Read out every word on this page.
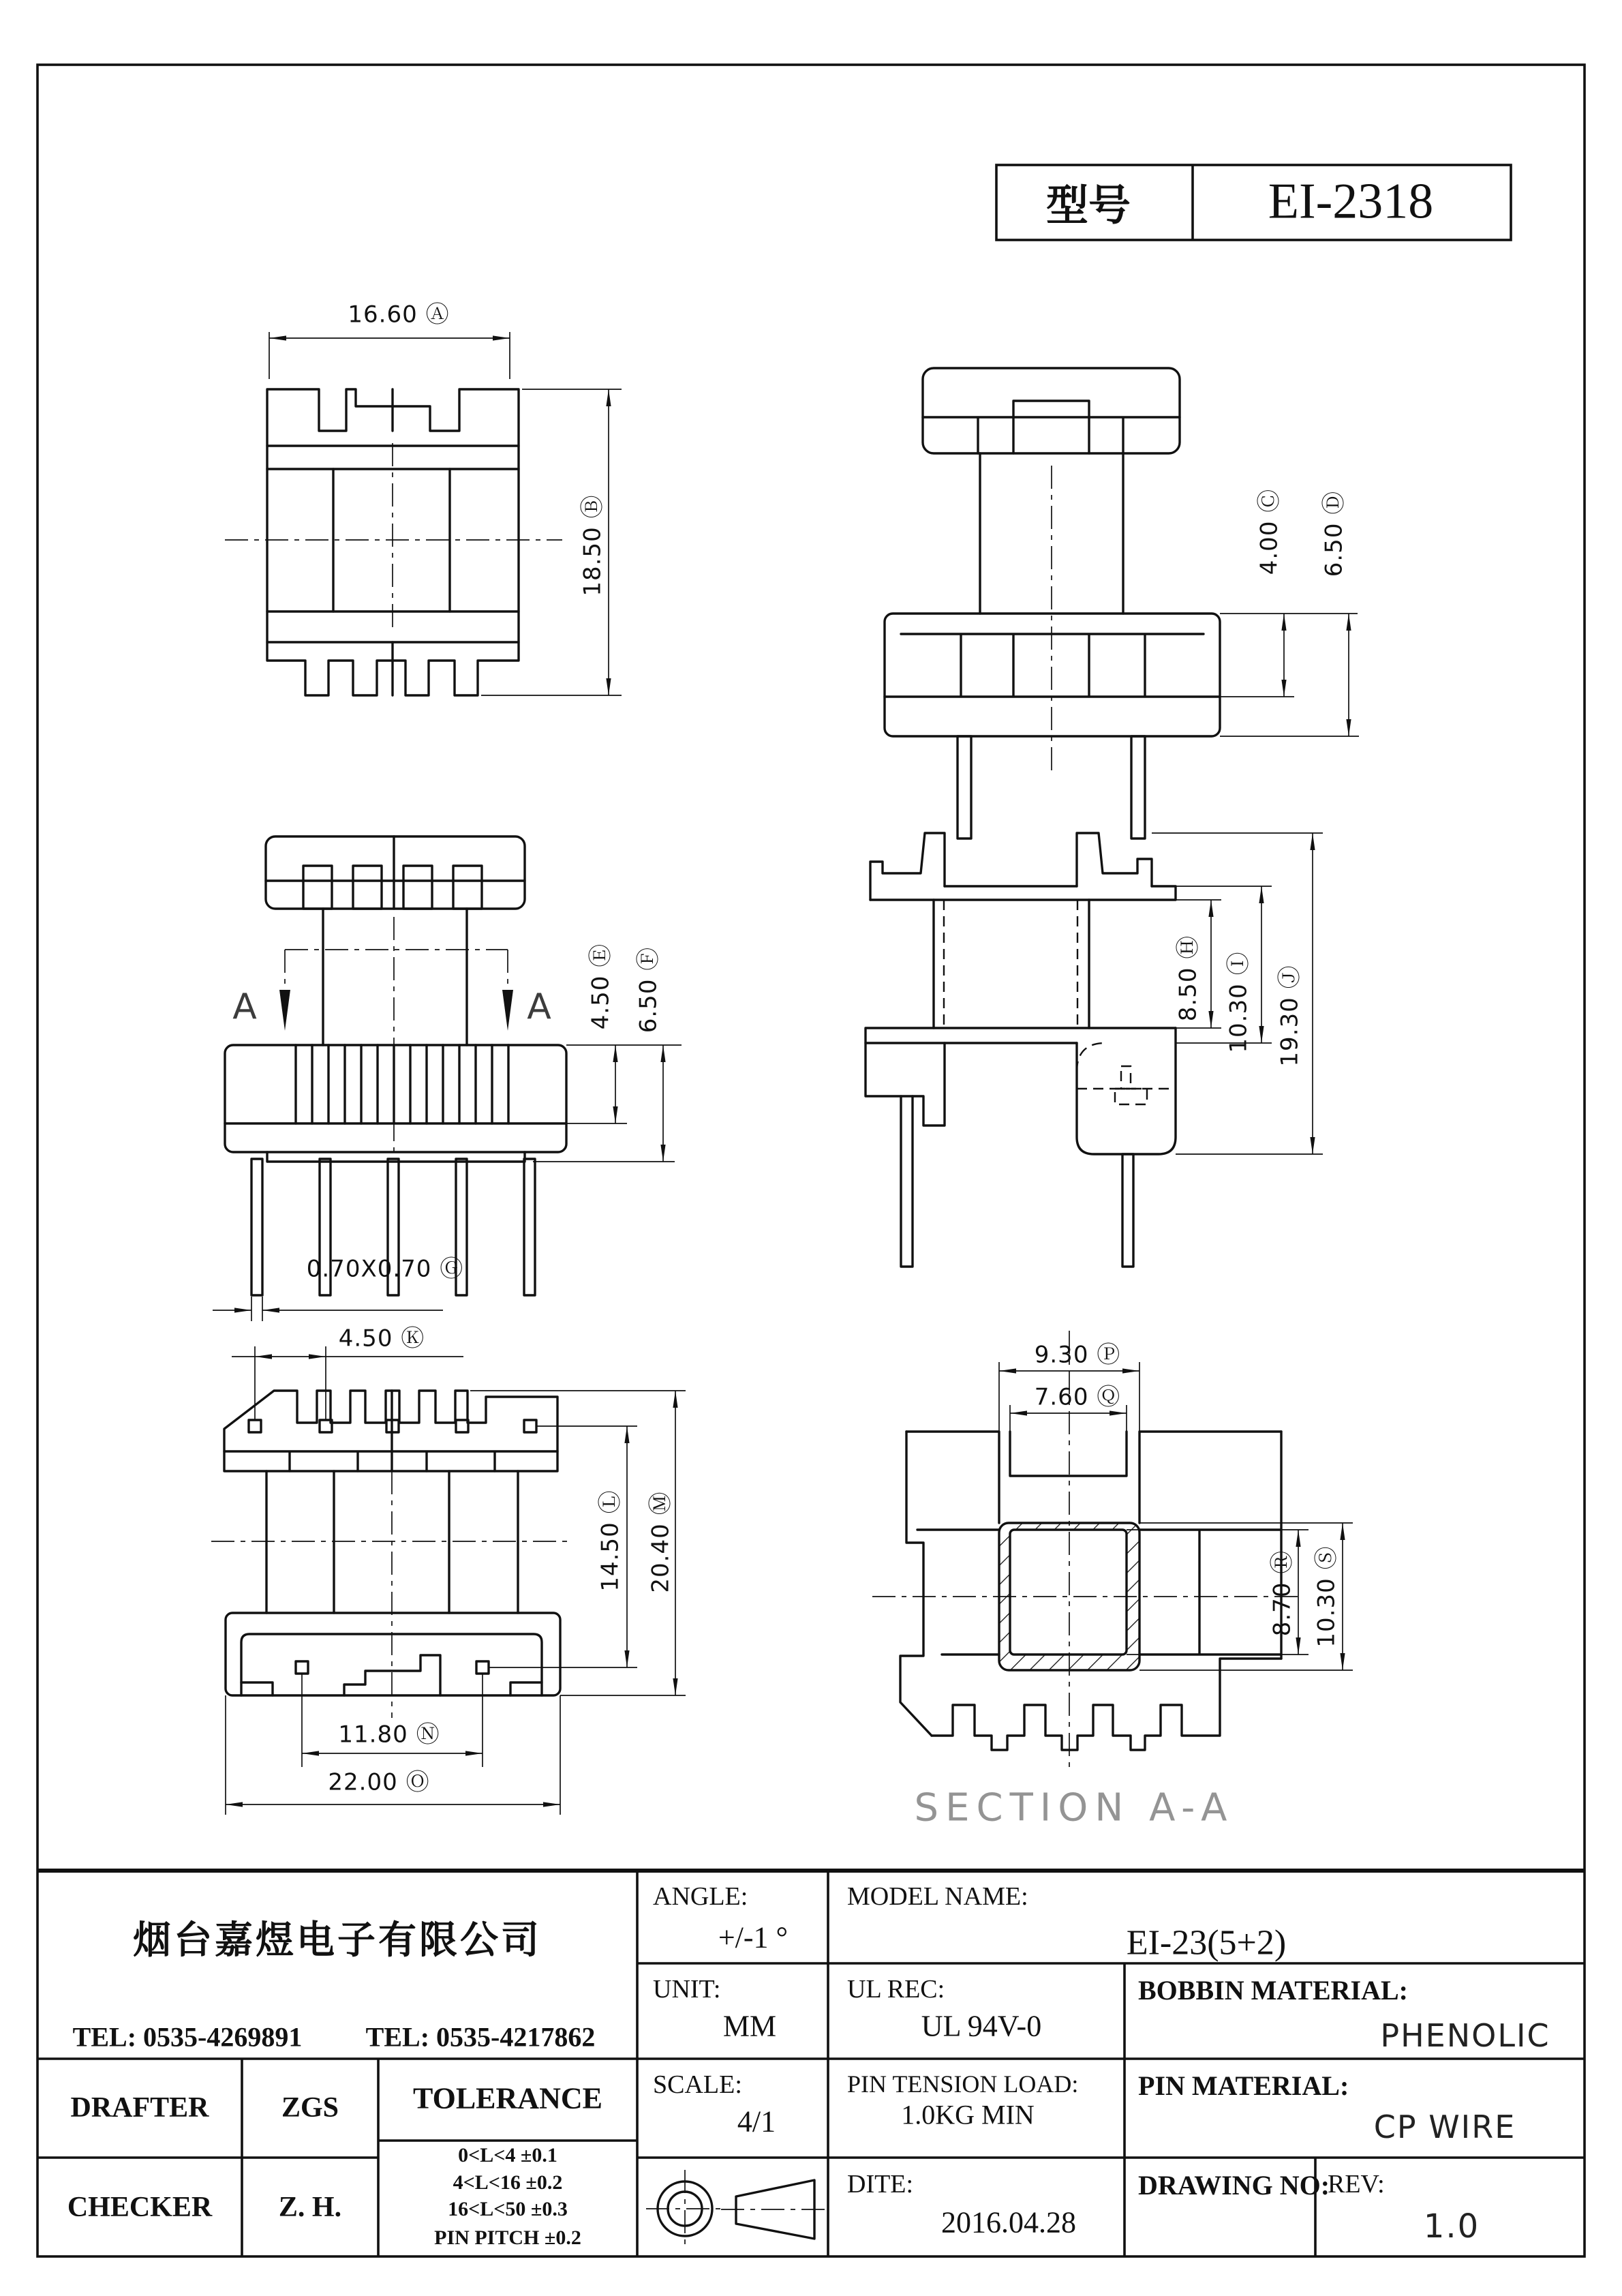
型号	EI-2318
16.60 Ⓐ
18.50 Ⓑ	4.00 Ⓒ 6.50 Ⓓ
4.50 Ⓔ 6.50 Ⓕ
0.70X0.70 Ⓖ
A	A	8.50 Ⓗ 10.30 Ⓘ 19.30 Ⓙ
4.50 Ⓚ
14.50 Ⓛ 20.40 Ⓜ
11.80 Ⓝ
22.00 Ⓞ
9.30 Ⓟ
7.60 Ⓠ
8.70 Ⓡ 10.30 Ⓢ
SECTION A-A
烟台嘉煜电子有限公司
TEL: 0535-4269891 TEL: 0535-4217862
ANGLE:
+/-1 °
MODEL NAME:
EI-23(5+2)
UNIT:
MM
UL REC:
UL 94V-0
BOBBIN MATERIAL:
PHENOLIC
DRAFTER	ZGS
CHECKER Z. H.
TOLERANCE
0<L<4 ±0.1
4<L<16 ±0.2
16<L<50 ±0.3
PIN PITCH ±0.2
SCALE:
4/1
PIN TENSION LOAD:
1.0KG MIN
PIN MATERIAL:
CP WIRE
DITE:
2016.04.28
DRAWING NO:
REV:
1.0
